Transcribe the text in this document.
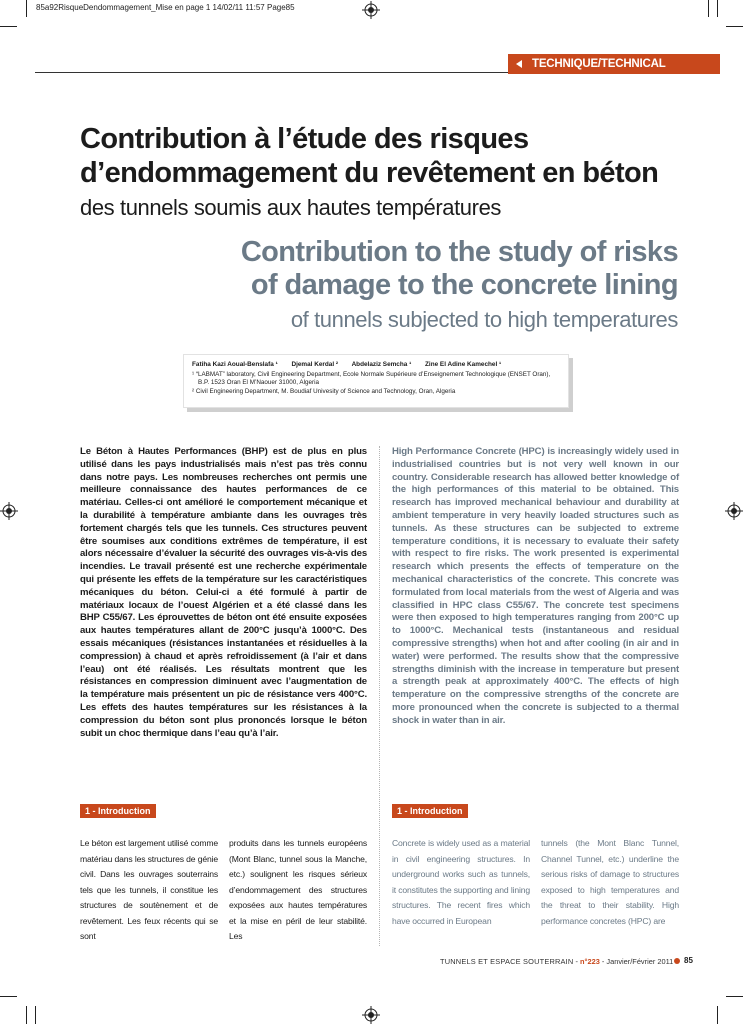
85a92RisqueDendommagement_Mise en page 1 14/02/11 11:57 Page85
TECHNIQUE/TECHNICAL
Contribution à l’étude des risques
d’endommagement du revêtement en béton
des tunnels soumis aux hautes températures
Contribution to the study of risks
of damage to the concrete lining
of tunnels subjected to high temperatures
Fatiha Kazi Aoual-Benslafa ¹ Djemal Kerdal ² Abdelaziz Semcha ¹ Zine El Adine Kamechel ¹
¹ “LABMAT” laboratory, Civil Engineering Department, Ecole Normale Supérieure d’Enseignement Technologique (ENSET Oran),
B.P. 1523 Oran El M’Naouer 31000, Algeria
² Civil Engineering Department, M. Boudiaf Univesity of Science and Technology, Oran, Algeria
Le Béton à Hautes Performances (BHP) est de plus en plus utilisé dans les pays industrialisés mais n’est pas très connu dans notre pays. Les nombreuses recherches ont permis une meilleure connaissance des hautes performances de ce matériau. Celles-ci ont amélioré le comportement mécanique et la durabilité à température ambiante dans les ouvrages très fortement chargés tels que les tunnels. Ces structures peuvent être soumises aux conditions extrêmes de température, il est alors nécessaire d’évaluer la sécurité des ouvrages vis-à-vis des incendies. Le travail présenté est une recherche expérimentale qui présente les effets de la température sur les caractéristiques mécaniques du béton. Celui-ci a été formulé à partir de matériaux locaux de l’ouest Algérien et a été classé dans les BHP C55/67. Les éprouvettes de béton ont été ensuite exposées aux hautes températures allant de 200°C jusqu’à 1000°C. Des essais mécaniques (résistances instantanées et résiduelles à la compression) à chaud et après refroidissement (à l’air et dans l’eau) ont été réalisés. Les résultats montrent que les résistances en compression diminuent avec l’augmentation de la température mais présentent un pic de résistance vers 400°C. Les effets des hautes températures sur les résistances à la compression du béton sont plus prononcés lorsque le béton subit un choc thermique dans l’eau qu’à l’air.
High Performance Concrete (HPC) is increasingly widely used in industrialised countries but is not very well known in our country. Considerable research has allowed better knowledge of the high performances of this material to be obtained. This research has improved mechanical behaviour and durability at ambient temperature in very heavily loaded structures such as tunnels. As these structures can be subjected to extreme temperature conditions, it is necessary to evaluate their safety with respect to fire risks. The work presented is experimental research which presents the effects of temperature on the mechanical characteristics of the concrete. This concrete was formulated from local materials from the west of Algeria and was classified in HPC class C55/67. The concrete test specimens were then exposed to high temperatures ranging from 200°C up to 1000°C. Mechanical tests (instantaneous and residual compressive strengths) when hot and after cooling (in air and in water) were performed. The results show that the compressive strengths diminish with the increase in temperature but present a strength peak at approximately 400°C. The effects of high temperature on the compressive strengths of the concrete are more pronounced when the concrete is subjected to a thermal shock in water than in air.
1 - Introduction	1 - Introduction
Le béton est largement utilisé comme matériau dans les structures de génie civil. Dans les ouvrages souterrains tels que les tunnels, il constitue les structures de soutènement et de revêtement. Les feux récents qui se sont
produits dans les tunnels européens (Mont Blanc, tunnel sous la Manche, etc.) soulignent les risques sérieux d’endommagement des structures exposées aux hautes températures et la mise en péril de leur stabilité. Les
Concrete is widely used as a material in civil engineering structures. In underground works such as tunnels, it constitutes the supporting and lining structures. The recent fires which have occurred in European
tunnels (the Mont Blanc Tunnel, Channel Tunnel, etc.) underline the serious risks of damage to structures exposed to high temperatures and the threat to their stability. High performance concretes (HPC) are
TUNNELS ET ESPACE SOUTERRAIN - n°223 - Janvier/Février 2011 85
